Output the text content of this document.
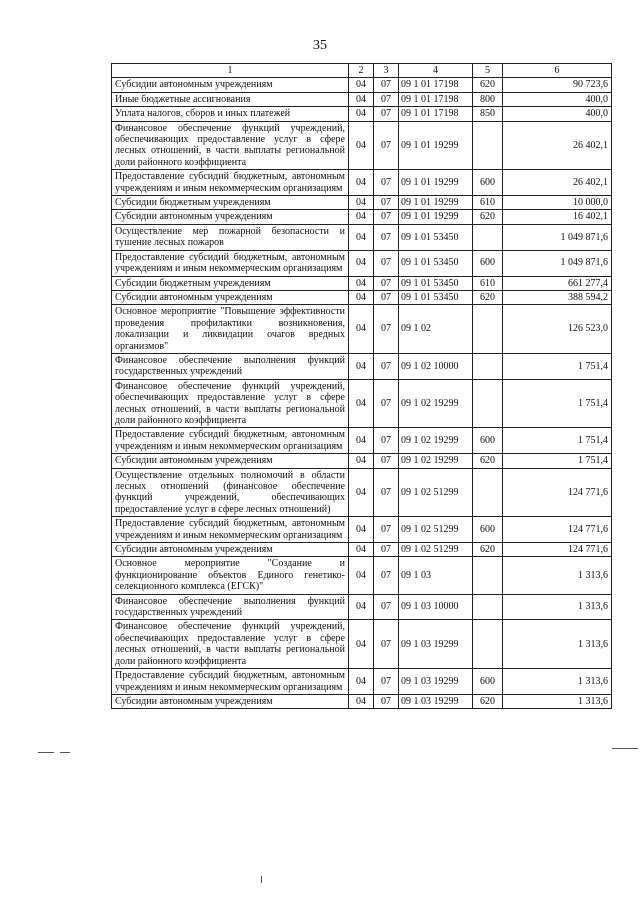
35
1	2	3	4	5	6
Субсидии автономным учреждениям	04	07	09 1 01 17198	620	90 723,6
Иные бюджетные ассигнования	04	07	09 1 01 17198	800	400,0
Уплата налогов, сборов и иных платежей	04	07	09 1 01 17198	850	400,0
Финансовое обеспечение функций учреждений, обеспечивающих предоставление услуг в сфере лесных отношений, в части выплаты региональной доли районного коэффициента	04	07	09 1 01 19299		26 402,1
Предоставление субсидий бюджетным, автономным учреждениям и иным некоммерческим организациям	04	07	09 1 01 19299	600	26 402,1
Субсидии бюджетным учреждениям	04	07	09 1 01 19299	610	10 000,0
Субсидии автономным учреждениям	04	07	09 1 01 19299	620	16 402,1
Осуществление мер пожарной безопасности и тушение лесных пожаров	04	07	09 1 01 53450		1 049 871,6
Предоставление субсидий бюджетным, автономным учреждениям и иным некоммерческим организациям	04	07	09 1 01 53450	600	1 049 871,6
Субсидии бюджетным учреждениям	04	07	09 1 01 53450	610	661 277,4
Субсидии автономным учреждениям	04	07	09 1 01 53450	620	388 594,2
Основное мероприятие "Повышение эффективности проведения профилактики возникновения, локализации и ликвидации очагов вредных организмов"	04	07	09 1 02		126 523,0
Финансовое обеспечение выполнения функций государственных учреждений	04	07	09 1 02 10000		1 751,4
Финансовое обеспечение функций учреждений, обеспечивающих предоставление услуг в сфере лесных отношений, в части выплаты региональной доли районного коэффициента	04	07	09 1 02 19299		1 751,4
Предоставление субсидий бюджетным, автономным учреждениям и иным некоммерческим организациям	04	07	09 1 02 19299	600	1 751,4
Субсидии автономным учреждениям	04	07	09 1 02 19299	620	1 751,4
Осуществление отдельных полномочий в области лесных отношений (финансовое обеспечение функций учреждений, обеспечивающих предоставление услуг в сфере лесных отношений)	04	07	09 1 02 51299		124 771,6
Предоставление субсидий бюджетным, автономным учреждениям и иным некоммерческим организациям	04	07	09 1 02 51299	600	124 771,6
Субсидии автономным учреждениям	04	07	09 1 02 51299	620	124 771,6
Основное мероприятие "Создание и функционирование объектов Единого генетико-селекционного комплекса (ЕГСК)"	04	07	09 1 03		1 313,6
Финансовое обеспечение выполнения функций государственных учреждений	04	07	09 1 03 10000		1 313,6
Финансовое обеспечение функций учреждений, обеспечивающих предоставление услуг в сфере лесных отношений, в части выплаты региональной доли районного коэффициента	04	07	09 1 03 19299		1 313,6
Предоставление субсидий бюджетным, автономным учреждениям и иным некоммерческим организациям	04	07	09 1 03 19299	600	1 313,6
Субсидии автономным учреждениям	04	07	09 1 03 19299	620	1 313,6
